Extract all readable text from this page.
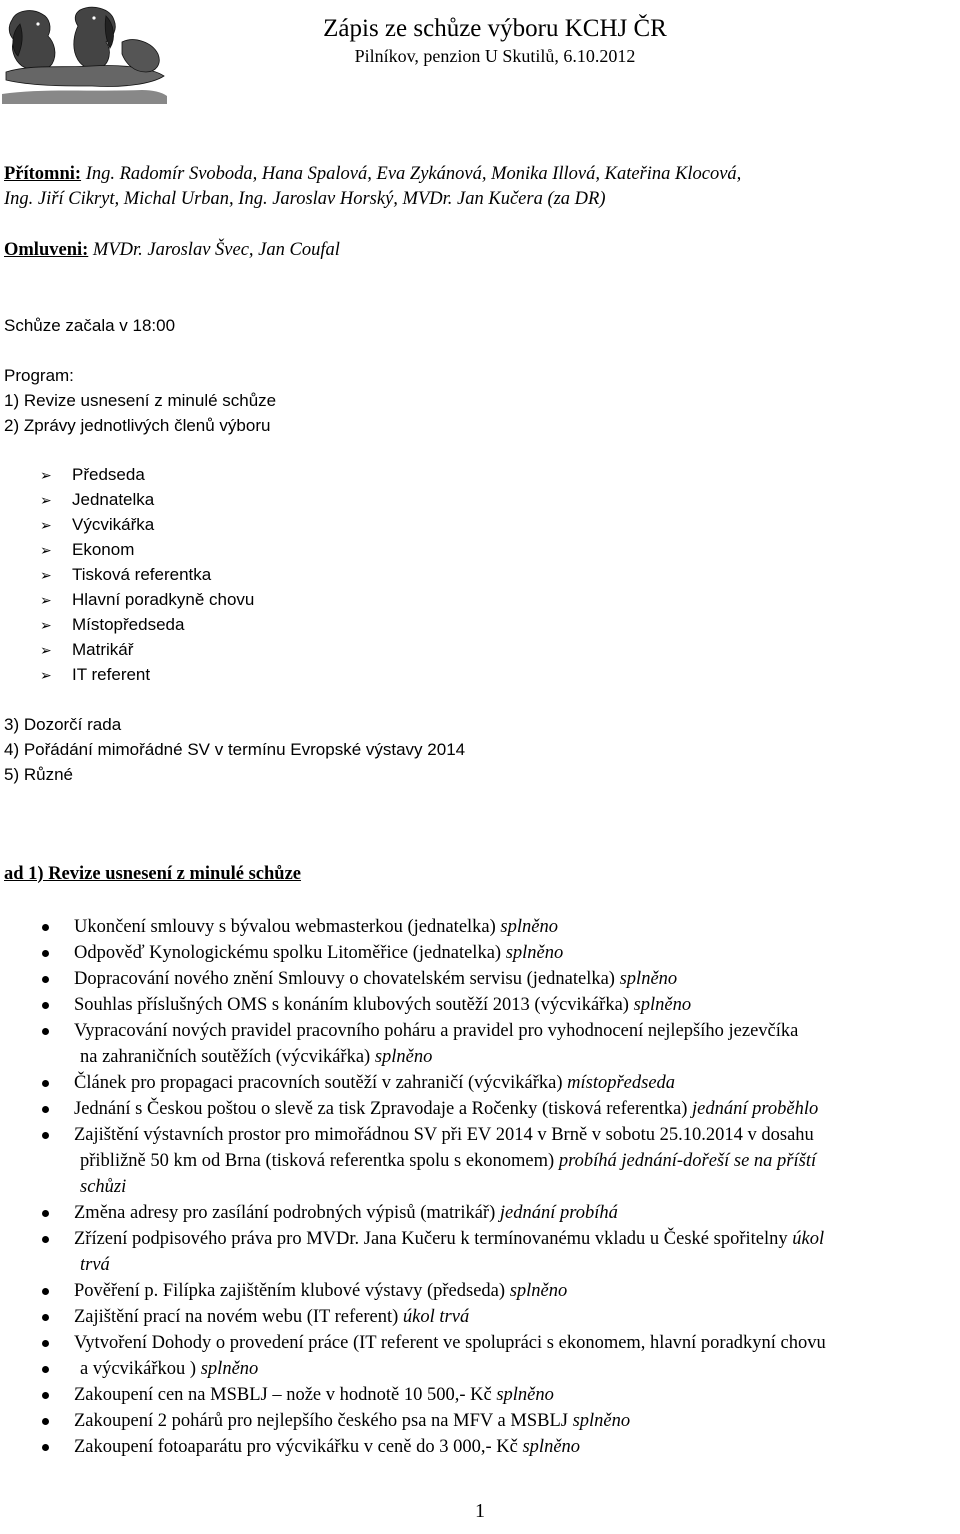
Zápis ze schůze výboru KCHJ ČR
Pilníkov, penzion U Skutilů, 6.10.2012
Přítomni: Ing. Radomír Svoboda, Hana Spalová, Eva Zykánová, Monika Illová, Kateřina Klocová,
Ing. Jiří Cikryt, Michal Urban, Ing. Jaroslav Horský, MVDr. Jan Kučera (za DR)
Omluveni: MVDr. Jaroslav Švec, Jan Coufal
Schůze začala v 18:00
Program:
1) Revize usnesení z minulé schůze
2) Zprávy jednotlivých členů výboru
➢ Předseda
➢ Jednatelka
➢ Výcvikářka
➢ Ekonom
➢ Tisková referentka
➢ Hlavní poradkyně chovu
➢ Místopředseda
➢ Matrikář
➢ IT referent
3) Dozorčí rada
4) Pořádání mimořádné SV v termínu Evropské výstavy 2014
5) Různé
ad 1) Revize usnesení z minulé schůze
Ukončení smlouvy s bývalou webmasterkou (jednatelka) splněno
Odpověď Kynologickému spolku Litoměřice (jednatelka) splněno
Dopracování nového znění Smlouvy o chovatelském servisu (jednatelka) splněno
Souhlas příslušných OMS s konáním klubových soutěží 2013 (výcvikářka) splněno
Vypracování nových pravidel pracovního poháru a pravidel pro vyhodnocení nejlepšího jezevčíka
na zahraničních soutěžích (výcvikářka) splněno
Článek pro propagaci pracovních soutěží v zahraničí (výcvikářka) místopředseda
Jednání s Českou poštou o slevě za tisk Zpravodaje a Ročenky (tisková referentka) jednání proběhlo
Zajištění výstavních prostor pro mimořádnou SV při EV 2014 v Brně v sobotu 25.10.2014 v dosahu
přibližně 50 km od Brna (tisková referentka spolu s ekonomem) probíhá jednání-dořeší se na příští
schůzi
Změna adresy pro zasílání podrobných výpisů (matrikář) jednání probíhá
Zřízení podpisového práva pro MVDr. Jana Kučeru k termínovanému vkladu u České spořitelny úkol
trvá
Pověření p. Filípka zajištěním klubové výstavy (předseda) splněno
Zajištění prací na novém webu (IT referent) úkol trvá
Vytvoření Dohody o provedení práce (IT referent ve spolupráci s ekonomem, hlavní poradkyní chovu
a výcvikářkou ) splněno
Zakoupení cen na MSBLJ – nože v hodnotě 10 500,- Kč splněno
Zakoupení 2 pohárů pro nejlepšího českého psa na MFV a MSBLJ splněno
Zakoupení fotoaparátu pro výcvikářku v ceně do 3 000,- Kč splněno
1
